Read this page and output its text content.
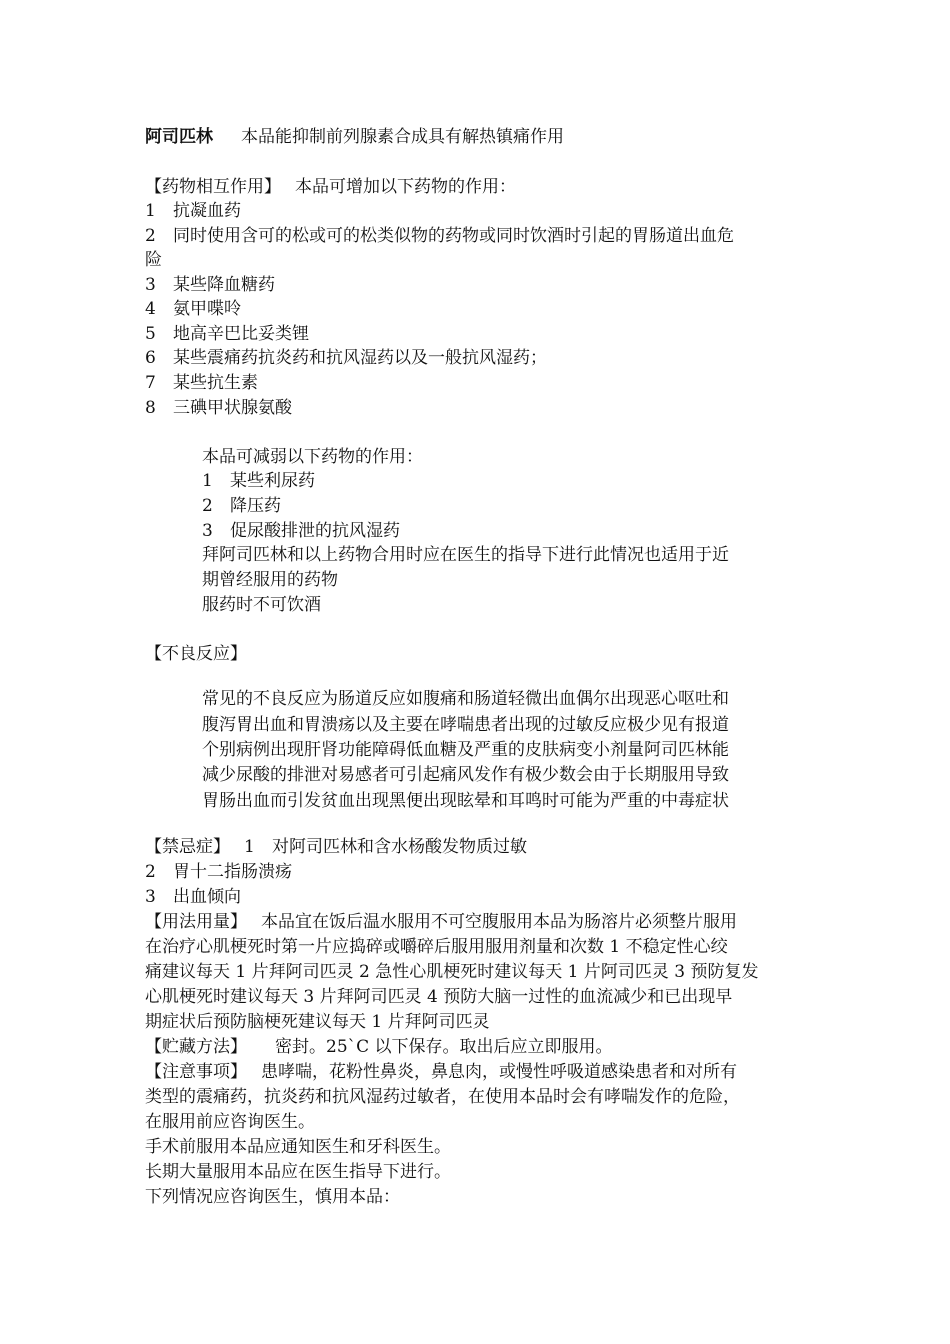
阿司匹林 本品能抑制前列腺素合成具有解热镇痛作用
【药物相互作用】 本品可增加以下药物的作用：
1 抗凝血药
2 同时使用含可的松或可的松类似物的药物或同时饮酒时引起的胃肠道出血危
险
3 某些降血糖药
4 氨甲喋呤
5 地高辛巴比妥类锂
6 某些震痛药抗炎药和抗风湿药以及一般抗风湿药；
7 某些抗生素
8 三碘甲状腺氨酸
本品可减弱以下药物的作用：
1 某些利尿药
2 降压药
3 促尿酸排泄的抗风湿药
拜阿司匹林和以上药物合用时应在医生的指导下进行此情况也适用于近
期曾经服用的药物
服药时不可饮酒
【不良反应】
常见的不良反应为肠道反应如腹痛和肠道轻微出血偶尔出现恶心呕吐和
腹泻胃出血和胃溃疡以及主要在哮喘患者出现的过敏反应极少见有报道
个别病例出现肝肾功能障碍低血糖及严重的皮肤病变小剂量阿司匹林能
减少尿酸的排泄对易感者可引起痛风发作有极少数会由于长期服用导致
胃肠出血而引发贫血出现黑便出现眩晕和耳鸣时可能为严重的中毒症状
【禁忌症】 1 对阿司匹林和含水杨酸发物质过敏
2 胃十二指肠溃疡
3 出血倾向
【用法用量】 本品宜在饭后温水服用不可空腹服用本品为肠溶片必须整片服用
在治疗心肌梗死时第一片应捣碎或嚼碎后服用服用剂量和次数 1 不稳定性心绞
痛建议每天 1 片拜阿司匹灵 2 急性心肌梗死时建议每天 1 片阿司匹灵 3 预防复发
心肌梗死时建议每天 3 片拜阿司匹灵 4 预防大脑一过性的血流减少和已出现早
期症状后预防脑梗死建议每天 1 片拜阿司匹灵
【贮藏方法】 密封。25`C 以下保存。取出后应立即服用。
【注意事项】 患哮喘，花粉性鼻炎，鼻息肉，或慢性呼吸道感染患者和对所有
类型的震痛药，抗炎药和抗风湿药过敏者，在使用本品时会有哮喘发作的危险，
在服用前应咨询医生。
手术前服用本品应通知医生和牙科医生。
长期大量服用本品应在医生指导下进行。
下列情况应咨询医生，慎用本品：
